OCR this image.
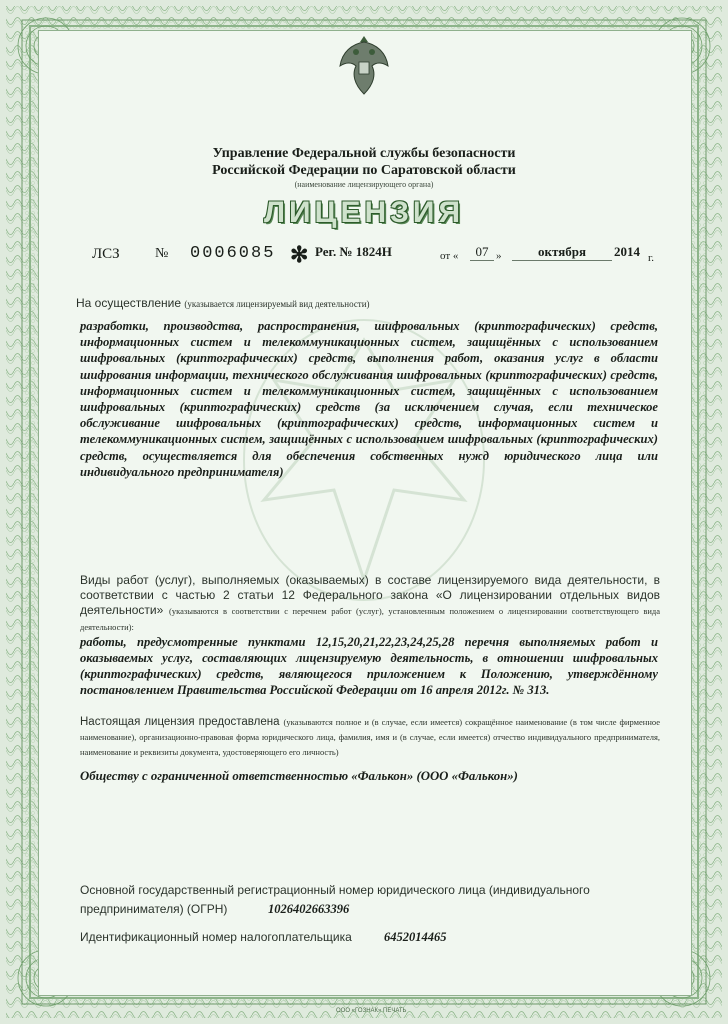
Управление Федеральной службы безопасности
Российской Федерации по Саратовской области
(наименование лицензирующего органа)
ЛИЦЕНЗИЯ
ЛСЗ	№ 0006085 ✻ Рег. № 1824Н	от «	07 »	октября	2014 г.
На осуществление (указывается лицензируемый вид деятельности)
разработки, производства, распространения, шифровальных (криптографических) средств, информационных систем и телекоммуникационных систем, защищённых с использованием шифровальных (криптографических) средств, выполнения работ, оказания услуг в области шифрования информации, технического обслуживания шифровальных (криптографических) средств, информационных систем и телекоммуникационных систем, защищённых с использованием шифровальных (криптографических) средств (за исключением случая, если техническое обслуживание шифровальных (криптографических) средств, информационных систем и телекоммуникационных систем, защищённых с использованием шифровальных (криптографических) средств, осуществляется для обеспечения собственных нужд юридического лица или индивидуального предпринимателя)
Виды работ (услуг), выполняемых (оказываемых) в составе лицензируемого вида деятельности, в соответствии с частью 2 статьи 12 Федерального закона «О лицензировании отдельных видов деятельности» (указываются в соответствии с перечнем работ (услуг), установленным положением о лицензировании соответствующего вида деятельности):
работы, предусмотренные пунктами 12,15,20,21,22,23,24,25,28 перечня выполняемых работ и оказываемых услуг, составляющих лицензируемую деятельность, в отношении шифровальных (криптографических) средств, являющегося приложением к Положению, утверждённому постановлением Правительства Российской Федерации от 16 апреля 2012г. № 313.
Настоящая лицензия предоставлена (указываются полное и (в случае, если имеется) сокращённое наименование (в том числе фирменное наименование), организационно-правовая форма юридического лица, фамилия, имя и (в случае, если имеется) отчество индивидуального предпринимателя, наименование и реквизиты документа, удостоверяющего его личность)
Обществу с ограниченной ответственностью «Фалькон» (ООО «Фалькон»)
Основной государственный регистрационный номер юридического лица (индивидуального
предпринимателя) (ОГРН)	1026402663396
Идентификационный номер налогоплательщика	6452014465
ООО «ГОЗНАК» ПЕЧАТЬ
